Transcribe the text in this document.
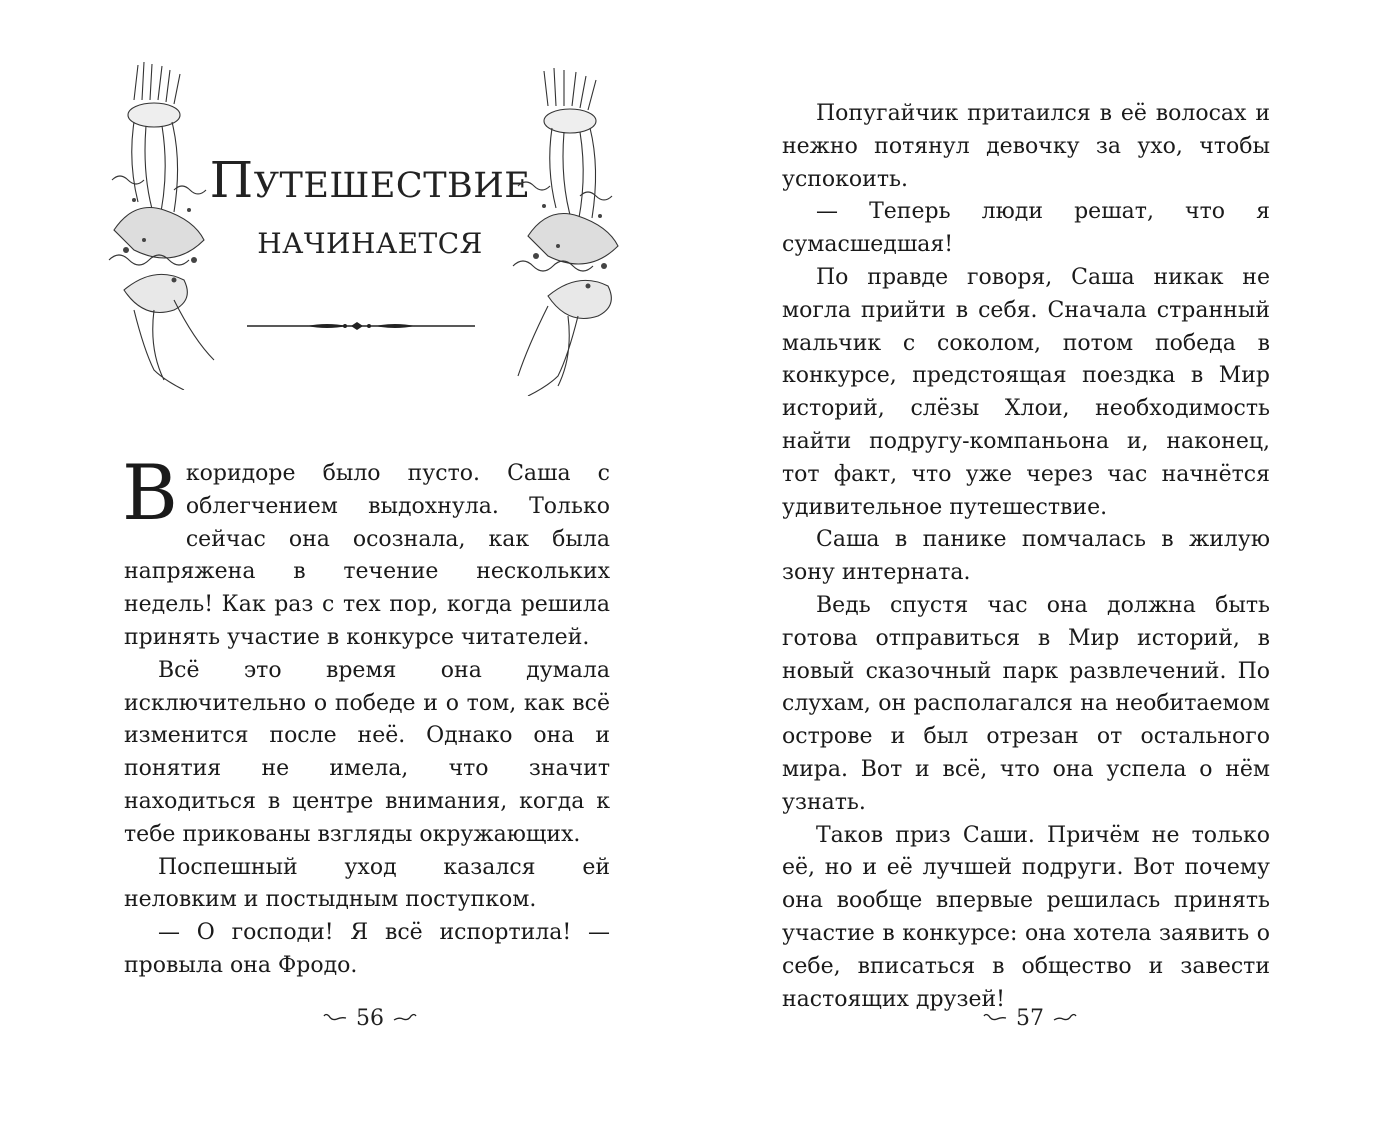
Путешествие
начинается

В коридоре было пусто. Саша с облегчением выдохнула. Только сейчас она осознала, как была напряжена в течение нескольких недель! Как раз с тех пор, когда решила принять участие в конкурсе читателей.

Всё это время она думала исключительно о победе и о том, как всё изменится после неё. Однако она и понятия не имела, что значит находиться в центре внимания, когда к тебе прикованы взгляды окружающих.

Поспешный уход казался ей неловким и постыдным поступком.

— О господи! Я всё испортила! — провыла она Фродо.

56

Попугайчик притаился в её волосах и нежно потянул девочку за ухо, чтобы успокоить.

— Теперь люди решат, что я сумасшедшая!

По правде говоря, Саша никак не могла прийти в себя. Сначала странный мальчик с соколом, потом победа в конкурсе, предстоящая поездка в Мир историй, слёзы Хлои, необходимость найти подругу-компаньона и, наконец, тот факт, что уже через час начнётся удивительное путешествие.

Саша в панике помчалась в жилую зону интерната.

Ведь спустя час она должна быть готова отправиться в Мир историй, в новый сказочный парк развлечений. По слухам, он располагался на необитаемом острове и был отрезан от остального мира. Вот и всё, что она успела о нём узнать.

Таков приз Саши. Причём не только её, но и её лучшей подруги. Вот почему она вообще впервые решилась принять участие в конкурсе: она хотела заявить о себе, вписаться в общество и завести настоящих друзей!

57
